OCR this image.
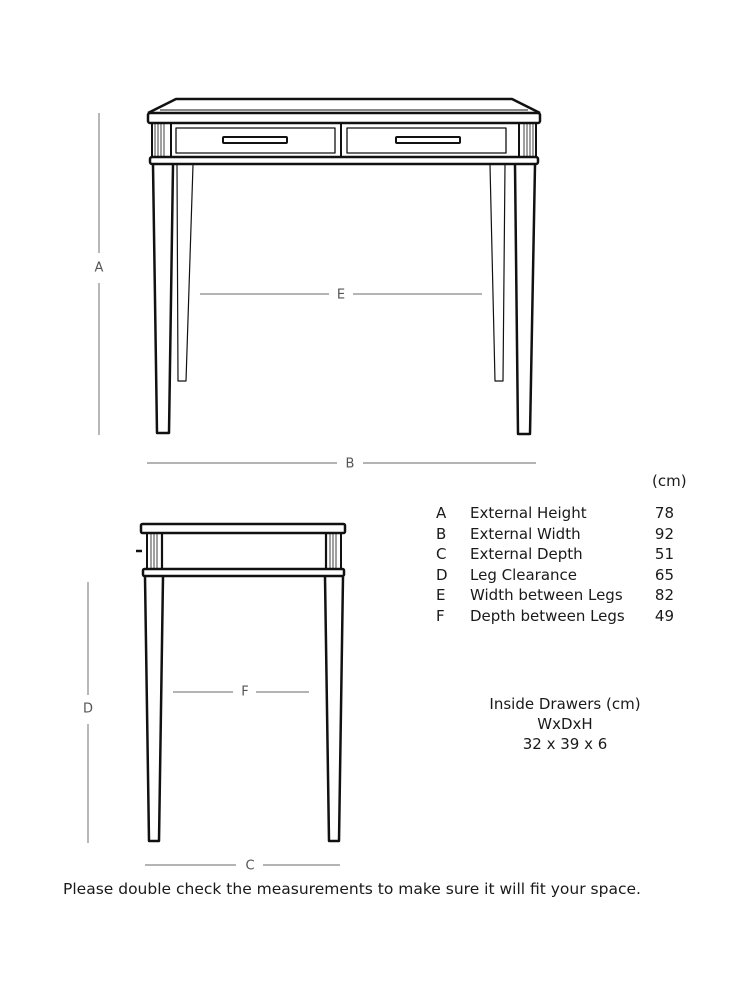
A
B
E
D
F
C
(cm)
A	External Height	78
B	External Width	92
C	External Depth	51
D	Leg Clearance	65
E	Width between Legs	82
F	Depth between Legs	49
Inside Drawers (cm)
WxDxH
32 x 39 x 6
Please double check the measurements to make sure it will fit your space.
